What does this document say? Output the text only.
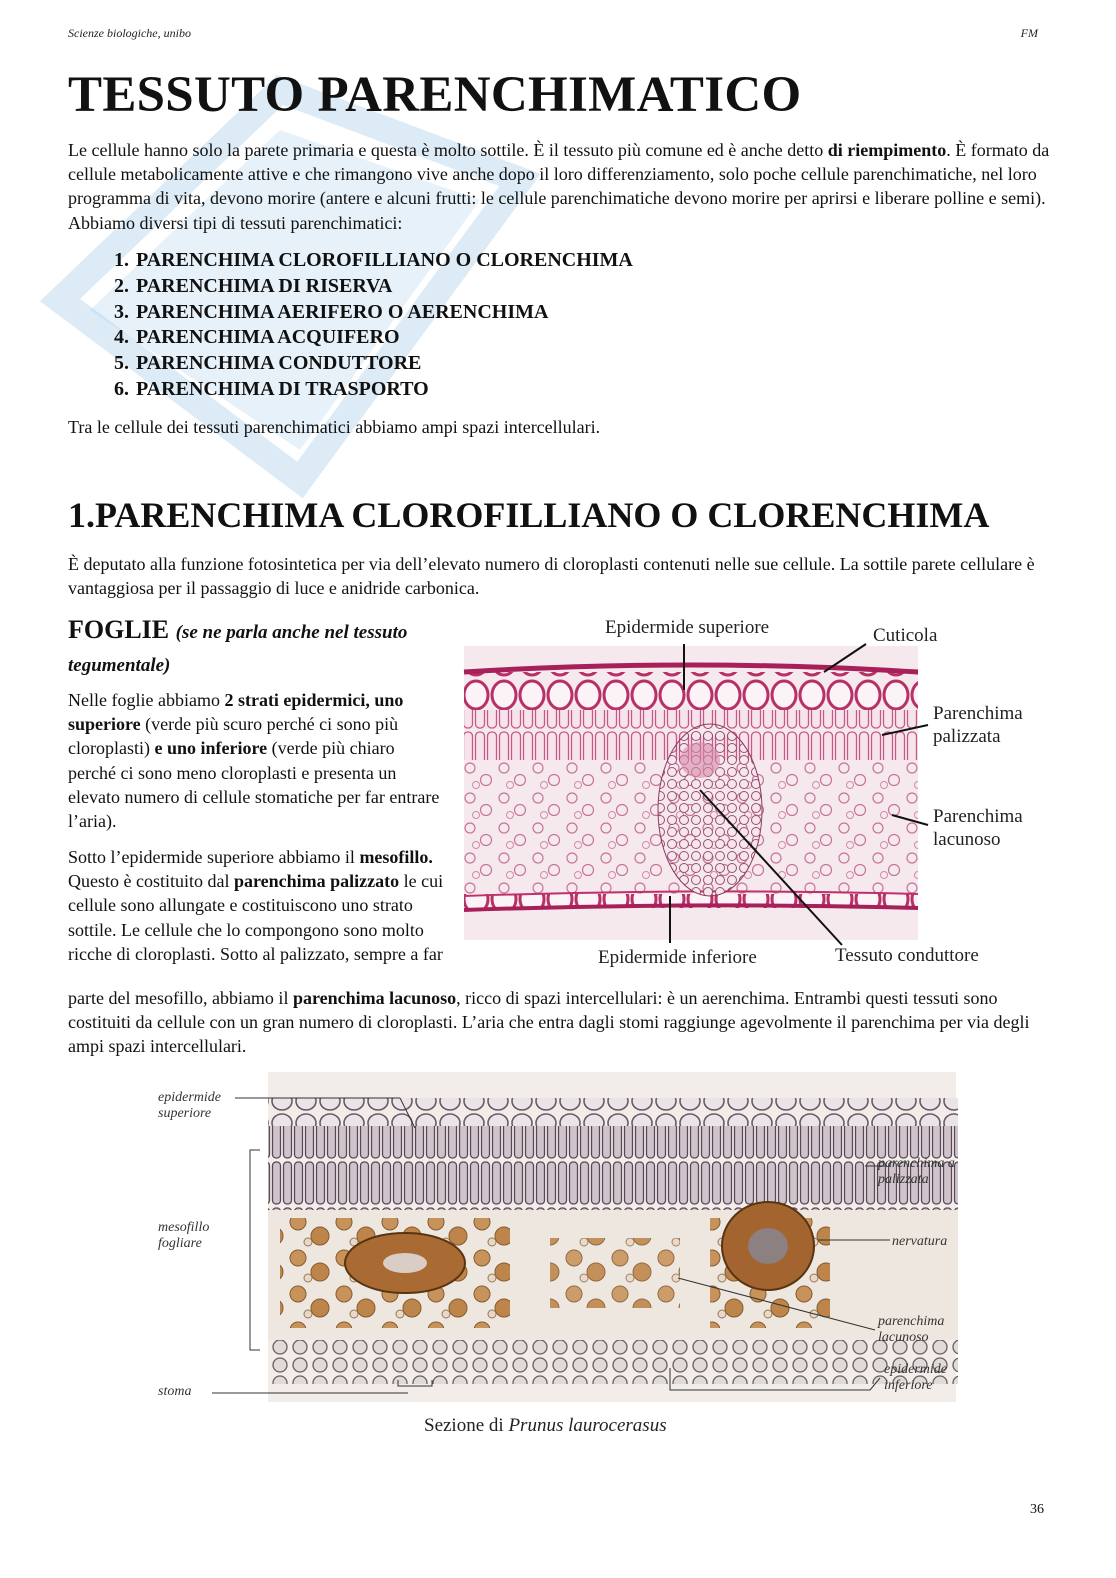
Scienze biologiche, unibo	FM
TESSUTO PARENCHIMATICO

Le cellule hanno solo la parete primaria e questa è molto sottile. È il tessuto più comune ed è anche detto di riempimento. È formato da cellule metabolicamente attive e che rimangono vive anche dopo il loro differenziamento, solo poche cellule parenchimatiche, nel loro programma di vita, devono morire (antere e alcuni frutti: le cellule parenchimatiche devono morire per aprirsi e liberare polline e semi). Abbiamo diversi tipi di tessuti parenchimatici:

1. PARENCHIMA CLOROFILLIANO O CLORENCHIMA
2. PARENCHIMA DI RISERVA
3. PARENCHIMA AERIFERO O AERENCHIMA
4. PARENCHIMA ACQUIFERO
5. PARENCHIMA CONDUTTORE
6. PARENCHIMA DI TRASPORTO

Tra le cellule dei tessuti parenchimatici abbiamo ampi spazi intercellulari.

1.PARENCHIMA CLOROFILLIANO O CLORENCHIMA

È deputato alla funzione fotosintetica per via dell’elevato numero di cloroplasti contenuti nelle sue cellule. La sottile parete cellulare è vantaggiosa per il passaggio di luce e anidride carbonica.

FOGLIE (se ne parla anche nel tessuto tegumentale)

Nelle foglie abbiamo 2 strati epidermici, uno superiore (verde più scuro perché ci sono più cloroplasti) e uno inferiore (verde più chiaro perché ci sono meno cloroplasti e presenta un elevato numero di cellule stomatiche per far entrare l’aria).

Sotto l’epidermide superiore abbiamo il mesofillo. Questo è costituito dal parenchima palizzato le cui cellule sono allungate e costituiscono uno strato sottile. Le cellule che lo compongono sono molto ricche di cloroplasti. Sotto al palizzato, sempre a far

parte del mesofillo, abbiamo il parenchima lacunoso, ricco di spazi intercellulari: è un aerenchima. Entrambi questi tessuti sono costituiti da cellule con un gran numero di cloroplasti. L’aria che entra dagli stomi raggiunge agevolmente il parenchima per via degli ampi spazi intercellulari.

Epidermide superiore	Cuticola
Parenchima palizzata
Parenchima lacunoso
Epidermide inferiore	Tessuto conduttore
epidermide superiore
mesofillo fogliare
stoma
parenchima a palizzata
nervatura
parenchima lacunoso
epidermide inferiore
Sezione di Prunus laurocerasus
36
